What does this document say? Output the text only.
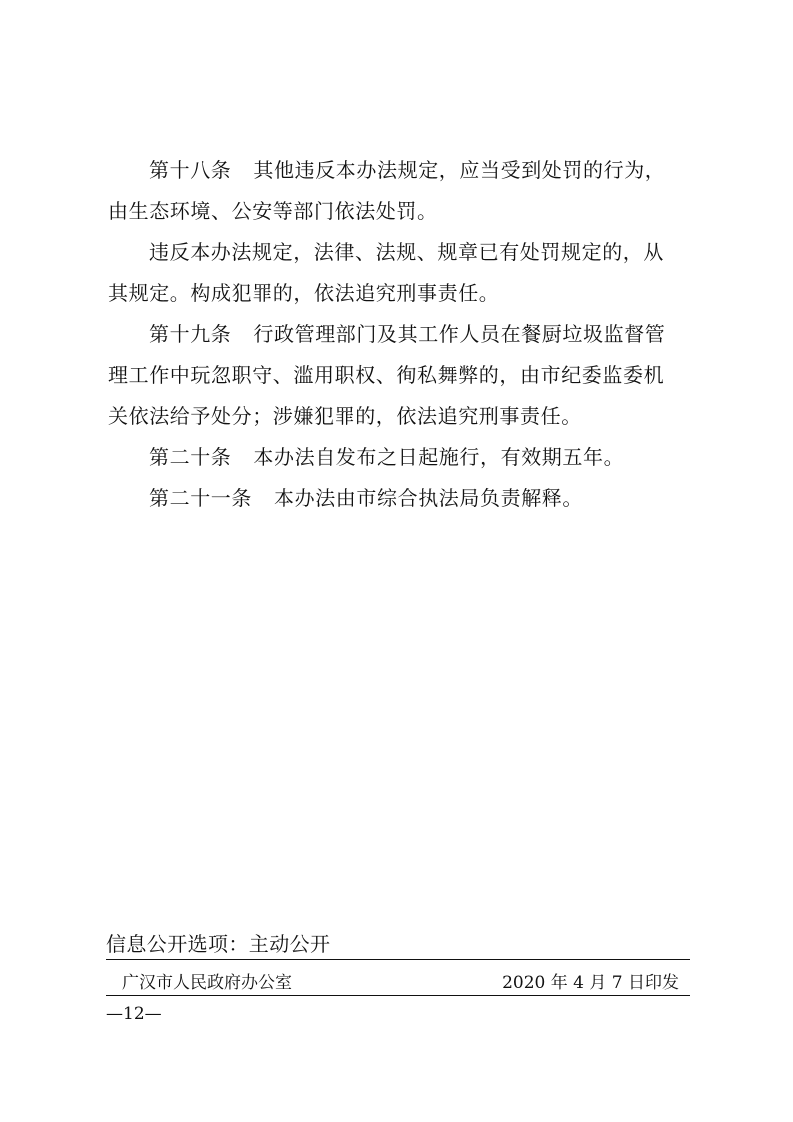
第十八条 其他违反本办法规定，应当受到处罚的行为，
由生态环境、公安等部门依法处罚。
违反本办法规定，法律、法规、规章已有处罚规定的，从
其规定。构成犯罪的，依法追究刑事责任。
第十九条 行政管理部门及其工作人员在餐厨垃圾监督管
理工作中玩忽职守、滥用职权、徇私舞弊的，由市纪委监委机
关依法给予处分；涉嫌犯罪的，依法追究刑事责任。
第二十条 本办法自发布之日起施行，有效期五年。
第二十一条 本办法由市综合执法局负责解释。
信息公开选项：主动公开
广汉市人民政府办公室	2020 年 4 月 7 日印发
—12—
